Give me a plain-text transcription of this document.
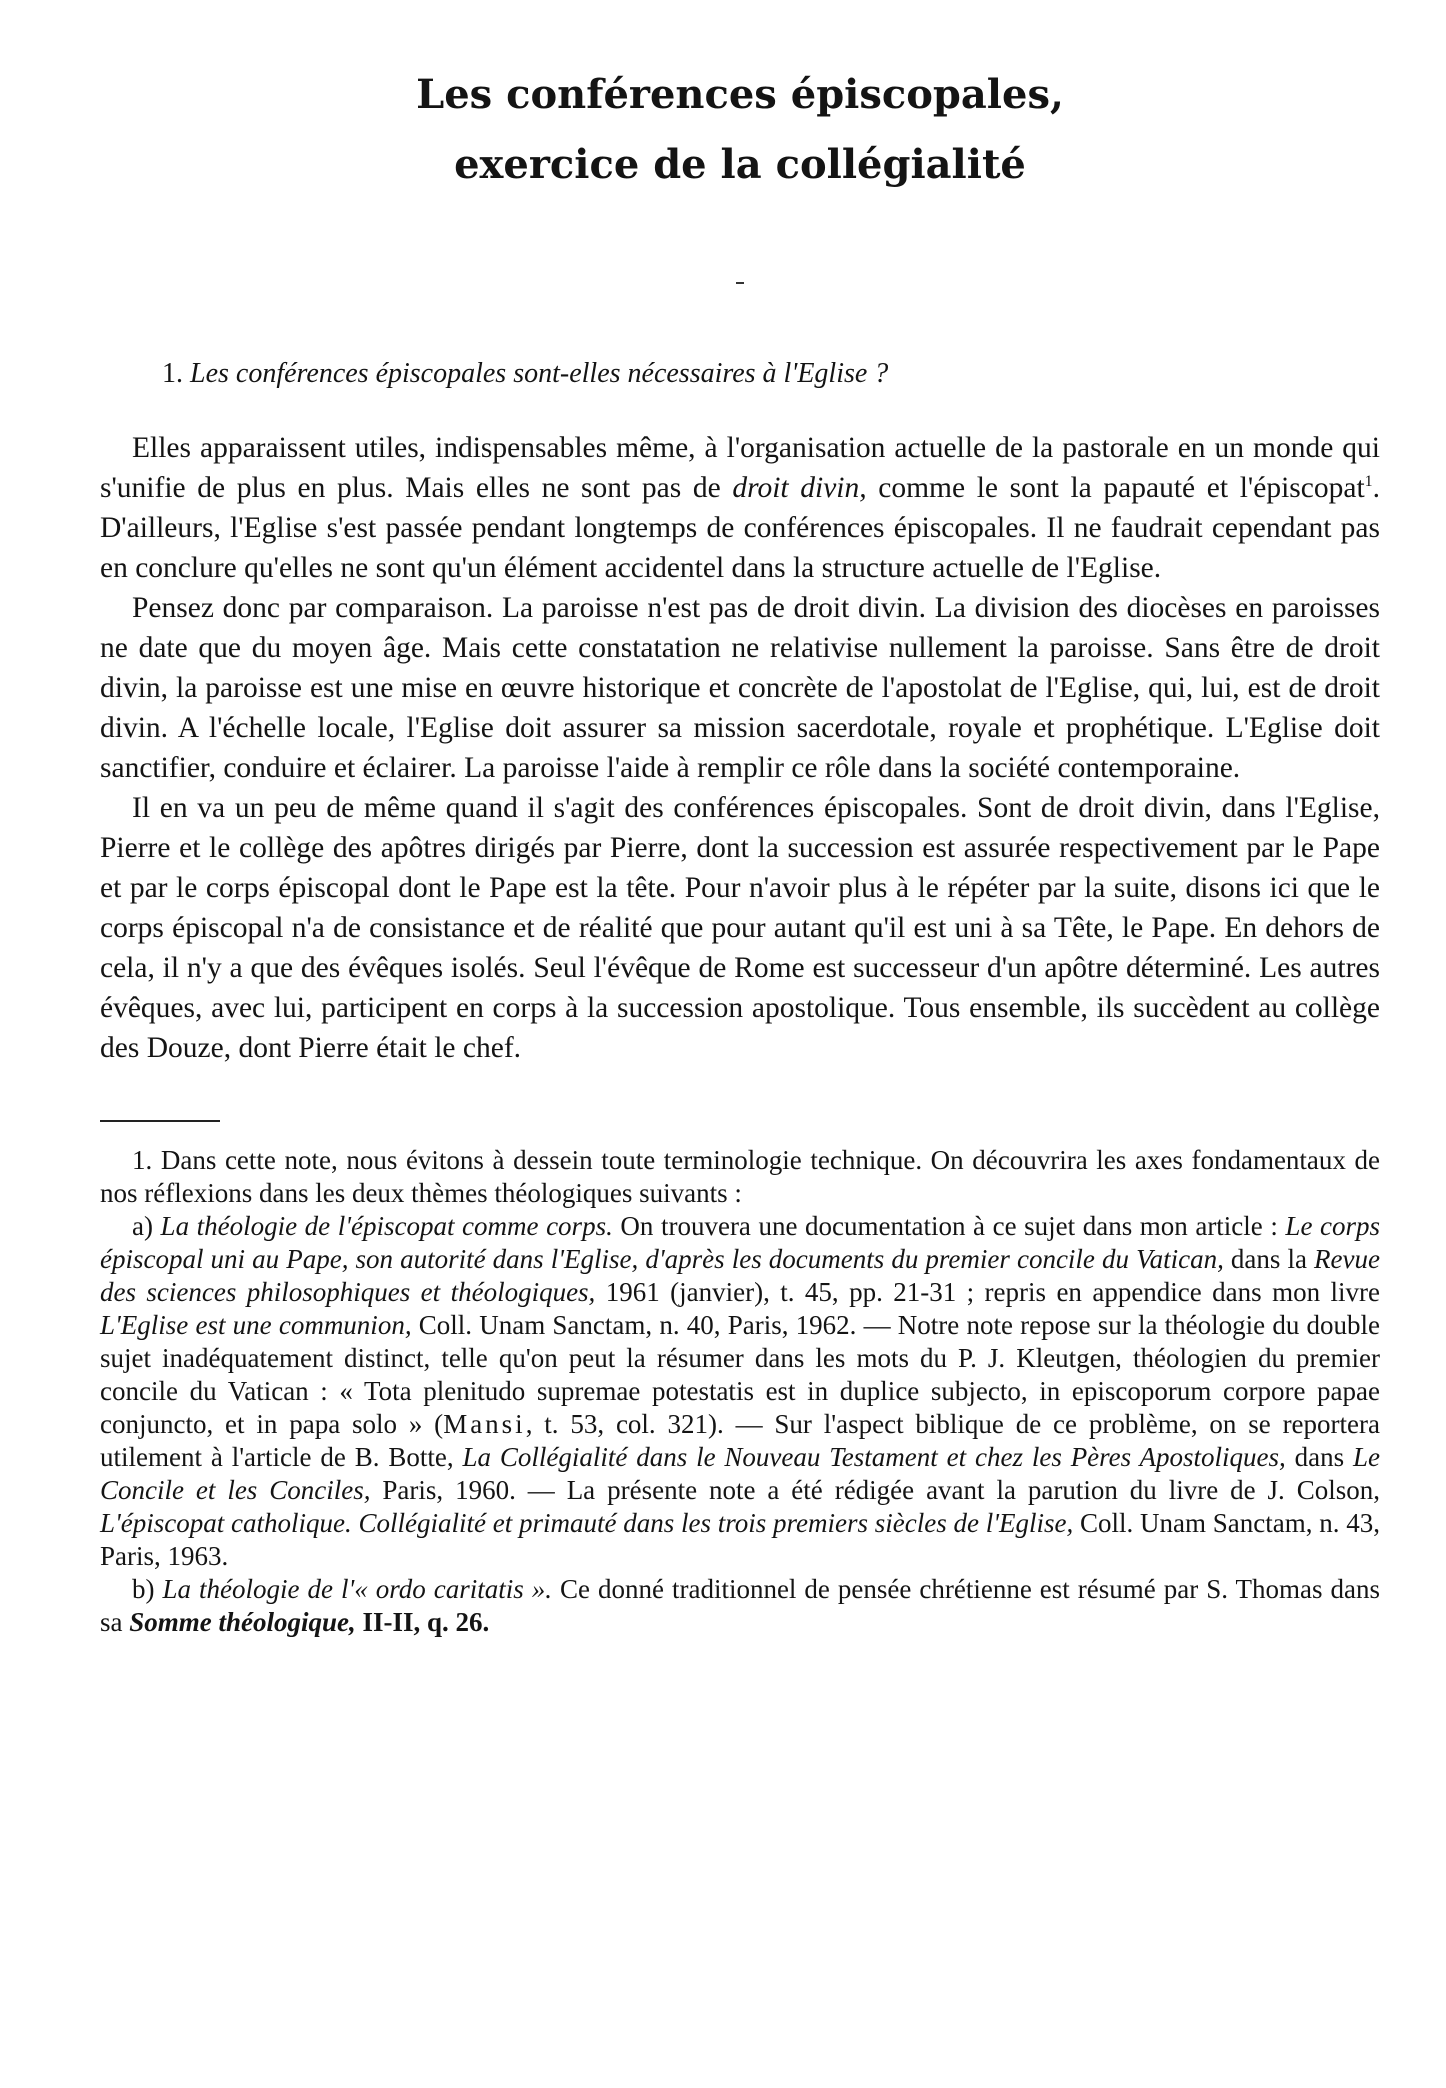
Les conférences épiscopales,
exercice de la collégialité
1. Les conférences épiscopales sont-elles nécessaires à l'Eglise ?

Elles apparaissent utiles, indispensables même, à l'organisation actuelle de la pastorale en un monde qui s'unifie de plus en plus. Mais elles ne sont pas de droit divin, comme le sont la papauté et l'épiscopat$^1$. D'ailleurs, l'Eglise s'est passée pendant longtemps de conférences épiscopales. Il ne faudrait cependant pas en conclure qu'elles ne sont qu'un élément accidentel dans la structure actuelle de l'Eglise.

Pensez donc par comparaison. La paroisse n'est pas de droit divin. La division des diocèses en paroisses ne date que du moyen âge. Mais cette constatation ne relativise nullement la paroisse. Sans être de droit divin, la paroisse est une mise en œuvre historique et concrète de l'apostolat de l'Eglise, qui, lui, est de droit divin. A l'échelle locale, l'Eglise doit assurer sa mission sacerdotale, royale et prophétique. L'Eglise doit sanctifier, conduire et éclairer. La paroisse l'aide à remplir ce rôle dans la société contemporaine.

Il en va un peu de même quand il s'agit des conférences épiscopales. Sont de droit divin, dans l'Eglise, Pierre et le collège des apôtres dirigés par Pierre, dont la succession est assurée respectivement par le Pape et par le corps épiscopal dont le Pape est la tête. Pour n'avoir plus à le répéter par la suite, disons ici que le corps épiscopal n'a de consistance et de réalité que pour autant qu'il est uni à sa Tête, le Pape. En dehors de cela, il n'y a que des évêques isolés. Seul l'évêque de Rome est successeur d'un apôtre déterminé. Les autres évêques, avec lui, participent en corps à la succession apostolique. Tous ensemble, ils succèdent au collège des Douze, dont Pierre était le chef.

1. Dans cette note, nous évitons à dessein toute terminologie technique. On découvrira les axes fondamentaux de nos réflexions dans les deux thèmes théologiques suivants :

a) La théologie de l'épiscopat comme corps. On trouvera une documentation à ce sujet dans mon article : Le corps épiscopal uni au Pape, son autorité dans l'Eglise, d'après les documents du premier concile du Vatican, dans la Revue des sciences philosophiques et théologiques, 1961 (janvier), t. 45, pp. 21-31 ; repris en appendice dans mon livre L'Eglise est une communion, Coll. Unam Sanctam, n. 40, Paris, 1962. — Notre note repose sur la théologie du double sujet inadéquatement distinct, telle qu'on peut la résumer dans les mots du P. J. Kleutgen, théologien du premier concile du Vatican : « Tota plenitudo supremae potestatis est in duplice subjecto, in episcoporum corpore papae conjuncto, et in papa solo » (Mansi, t. 53, col. 321). — Sur l'aspect biblique de ce problème, on se reportera utilement à l'article de B. Botte, La Collégialité dans le Nouveau Testament et chez les Pères Apostoliques, dans Le Concile et les Conciles, Paris, 1960. — La présente note a été rédigée avant la parution du livre de J. Colson, L'épiscopat catholique. Collégialité et primauté dans les trois premiers siècles de l'Eglise, Coll. Unam Sanctam, n. 43, Paris, 1963.

b) La théologie de l'« ordo caritatis ». Ce donné traditionnel de pensée chrétienne est résumé par S. Thomas dans sa Somme théologique, II-II, q. 26.
